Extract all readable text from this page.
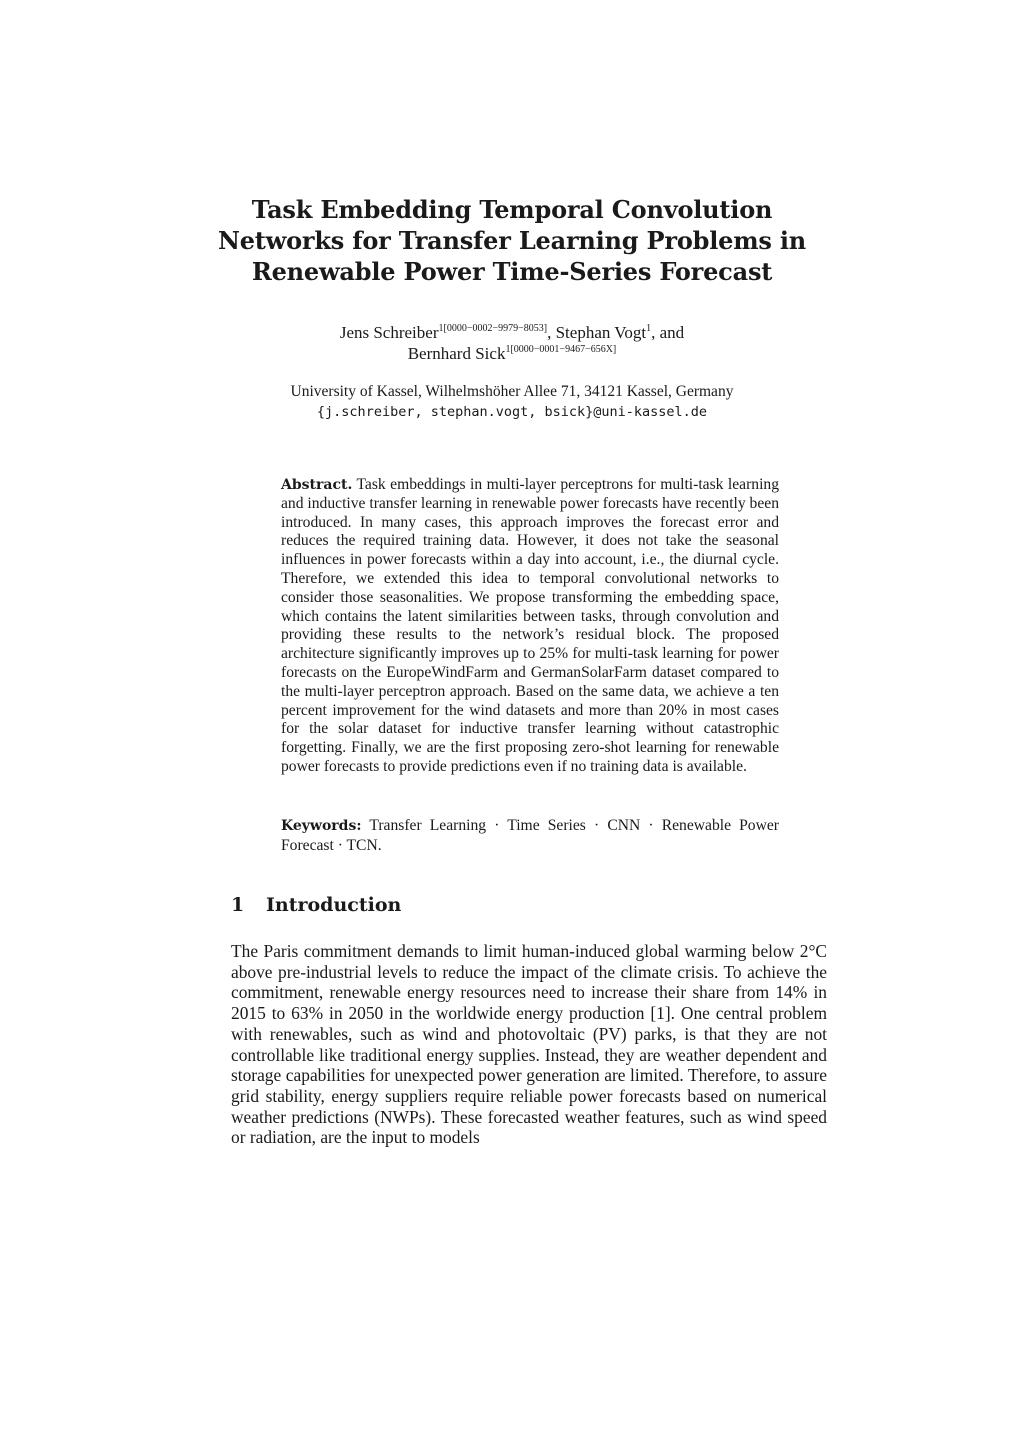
Task Embedding Temporal Convolution
Networks for Transfer Learning Problems in
Renewable Power Time-Series Forecast
Jens Schreiber$^{1[0000-0002-9979-8053]}$, Stephan Vogt$^1$, and
Bernhard Sick$^{1[0000-0001-9467-656X]}$
University of Kassel, Wilhelmshöher Allee 71, 34121 Kassel, Germany
{j.schreiber, stephan.vogt, bsick}@uni-kassel.de
Abstract. Task embeddings in multi-layer perceptrons for multi-task learning and inductive transfer learning in renewable power forecasts have recently been introduced. In many cases, this approach improves the forecast error and reduces the required training data. However, it does not take the seasonal influences in power forecasts within a day into account, i.e., the diurnal cycle. Therefore, we extended this idea to temporal convolutional networks to consider those seasonalities. We propose transforming the embedding space, which contains the latent similarities between tasks, through convolution and providing these results to the network’s residual block. The proposed architecture significantly improves up to 25% for multi-task learning for power forecasts on the EuropeWindFarm and GermanSolarFarm dataset compared to the multi-layer perceptron approach. Based on the same data, we achieve a ten percent improvement for the wind datasets and more than 20% in most cases for the solar dataset for inductive transfer learning without catastrophic forgetting. Finally, we are the first proposing zero-shot learning for renewable power forecasts to provide predictions even if no training data is available.
Keywords: Transfer Learning · Time Series · CNN · Renewable Power Forecast · TCN.
1 Introduction
The Paris commitment demands to limit human-induced global warming below 2°C above pre-industrial levels to reduce the impact of the climate crisis. To achieve the commitment, renewable energy resources need to increase their share from 14% in 2015 to 63% in 2050 in the worldwide energy production [1]. One central problem with renewables, such as wind and photovoltaic (PV) parks, is that they are not controllable like traditional energy supplies. Instead, they are weather dependent and storage capabilities for unexpected power generation are limited. Therefore, to assure grid stability, energy suppliers require reliable power forecasts based on numerical weather predictions (NWPs). These forecasted weather features, such as wind speed or radiation, are the input to models
